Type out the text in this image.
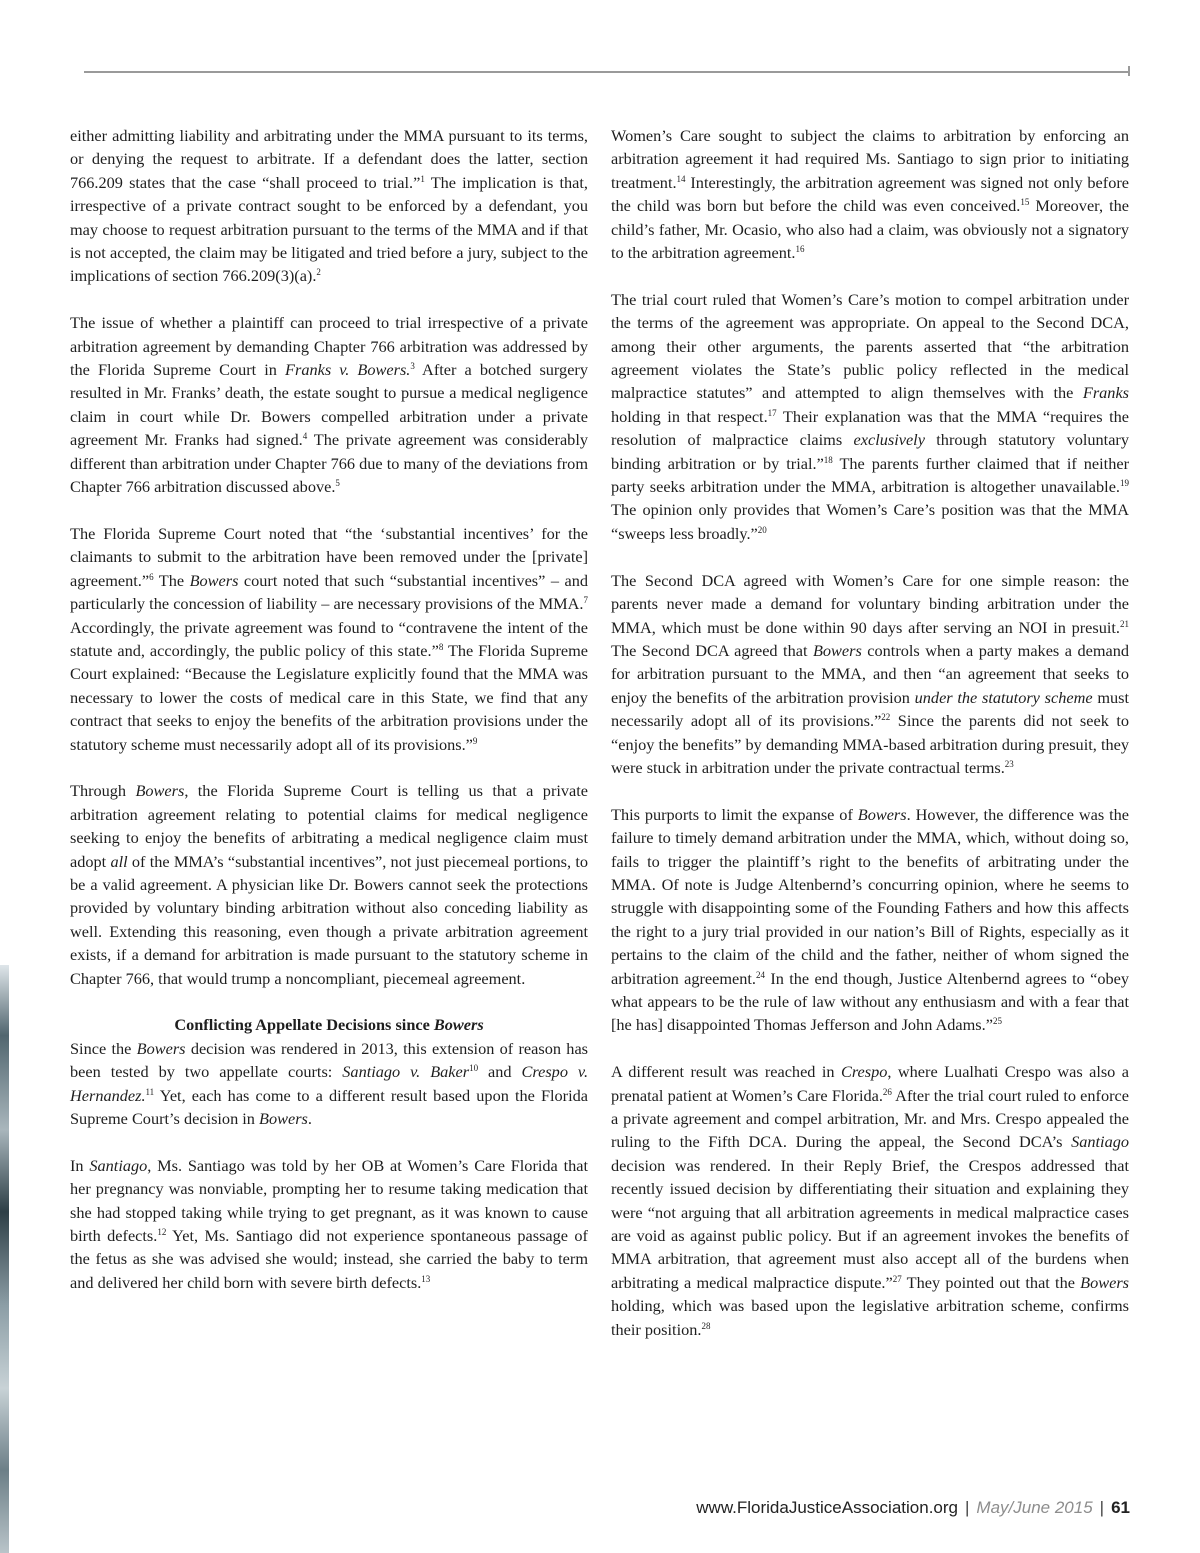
either admitting liability and arbitrating under the MMA pursuant to its terms, or denying the request to arbitrate. If a defendant does the latter, section 766.209 states that the case “shall proceed to trial.”$^1$ The implication is that, irrespective of a private contract sought to be enforced by a defendant, you may choose to request arbitration pursuant to the terms of the MMA and if that is not accepted, the claim may be litigated and tried before a jury, subject to the implications of section 766.209(3)(a).$^2$

The issue of whether a plaintiff can proceed to trial irrespective of a private arbitration agreement by demanding Chapter 766 arbitration was addressed by the Florida Supreme Court in Franks v. Bowers.$^3$ After a botched surgery resulted in Mr. Franks’ death, the estate sought to pursue a medical negligence claim in court while Dr. Bowers compelled arbitration under a private agreement Mr. Franks had signed.$^4$ The private agreement was considerably different than arbitration under Chapter 766 due to many of the deviations from Chapter 766 arbitration discussed above.$^5$

The Florida Supreme Court noted that “the ‘substantial incentives’ for the claimants to submit to the arbitration have been removed under the [private] agreement.”$^6$ The Bowers court noted that such “substantial incentives” – and particularly the concession of liability – are necessary provisions of the MMA.$^7$ Accordingly, the private agreement was found to “contravene the intent of the statute and, accordingly, the public policy of this state.”$^8$ The Florida Supreme Court explained: “Because the Legislature explicitly found that the MMA was necessary to lower the costs of medical care in this State, we find that any contract that seeks to enjoy the benefits of the arbitration provisions under the statutory scheme must necessarily adopt all of its provisions.”$^9$

Through Bowers, the Florida Supreme Court is telling us that a private arbitration agreement relating to potential claims for medical negligence seeking to enjoy the benefits of arbitrating a medical negligence claim must adopt all of the MMA’s “substantial incentives”, not just piecemeal portions, to be a valid agreement. A physician like Dr. Bowers cannot seek the protections provided by voluntary binding arbitration without also conceding liability as well. Extending this reasoning, even though a private arbitration agreement exists, if a demand for arbitration is made pursuant to the statutory scheme in Chapter 766, that would trump a noncompliant, piecemeal agreement.

Conflicting Appellate Decisions since Bowers

Since the Bowers decision was rendered in 2013, this extension of reason has been tested by two appellate courts: Santiago v. Baker$^{10}$ and Crespo v. Hernandez.$^{11}$ Yet, each has come to a different result based upon the Florida Supreme Court’s decision in Bowers.

In Santiago, Ms. Santiago was told by her OB at Women’s Care Florida that her pregnancy was nonviable, prompting her to resume taking medication that she had stopped taking while trying to get pregnant, as it was known to cause birth defects.$^{12}$ Yet, Ms. Santiago did not experience spontaneous passage of the fetus as she was advised she would; instead, she carried the baby to term and delivered her child born with severe birth defects.$^{13}$

Women’s Care sought to subject the claims to arbitration by enforcing an arbitration agreement it had required Ms. Santiago to sign prior to initiating treatment.$^{14}$ Interestingly, the arbitration agreement was signed not only before the child was born but before the child was even conceived.$^{15}$ Moreover, the child’s father, Mr. Ocasio, who also had a claim, was obviously not a signatory to the arbitration agreement.$^{16}$

The trial court ruled that Women’s Care’s motion to compel arbitration under the terms of the agreement was appropriate. On appeal to the Second DCA, among their other arguments, the parents asserted that “the arbitration agreement violates the State’s public policy reflected in the medical malpractice statutes” and attempted to align themselves with the Franks holding in that respect.$^{17}$ Their explanation was that the MMA “requires the resolution of malpractice claims exclusively through statutory voluntary binding arbitration or by trial.”$^{18}$ The parents further claimed that if neither party seeks arbitration under the MMA, arbitration is altogether unavailable.$^{19}$ The opinion only provides that Women’s Care’s position was that the MMA “sweeps less broadly.”$^{20}$

The Second DCA agreed with Women’s Care for one simple reason: the parents never made a demand for voluntary binding arbitration under the MMA, which must be done within 90 days after serving an NOI in presuit.$^{21}$ The Second DCA agreed that Bowers controls when a party makes a demand for arbitration pursuant to the MMA, and then “an agreement that seeks to enjoy the benefits of the arbitration provision under the statutory scheme must necessarily adopt all of its provisions.”$^{22}$ Since the parents did not seek to “enjoy the benefits” by demanding MMA-based arbitration during presuit, they were stuck in arbitration under the private contractual terms.$^{23}$

This purports to limit the expanse of Bowers. However, the difference was the failure to timely demand arbitration under the MMA, which, without doing so, fails to trigger the plaintiff’s right to the benefits of arbitrating under the MMA. Of note is Judge Altenbernd’s concurring opinion, where he seems to struggle with disappointing some of the Founding Fathers and how this affects the right to a jury trial provided in our nation’s Bill of Rights, especially as it pertains to the claim of the child and the father, neither of whom signed the arbitration agreement.$^{24}$ In the end though, Justice Altenbernd agrees to “obey what appears to be the rule of law without any enthusiasm and with a fear that [he has] disappointed Thomas Jefferson and John Adams.”$^{25}$

A different result was reached in Crespo, where Lualhati Crespo was also a prenatal patient at Women’s Care Florida.$^{26}$ After the trial court ruled to enforce a private agreement and compel arbitration, Mr. and Mrs. Crespo appealed the ruling to the Fifth DCA. During the appeal, the Second DCA’s Santiago decision was rendered. In their Reply Brief, the Crespos addressed that recently issued decision by differentiating their situation and explaining they were “not arguing that all arbitration agreements in medical malpractice cases are void as against public policy. But if an agreement invokes the benefits of MMA arbitration, that agreement must also accept all of the burdens when arbitrating a medical malpractice dispute.”$^{27}$ They pointed out that the Bowers holding, which was based upon the legislative arbitration scheme, confirms their position.$^{28}$

www.FloridaJusticeAssociation.org | May/June 2015 | 61
